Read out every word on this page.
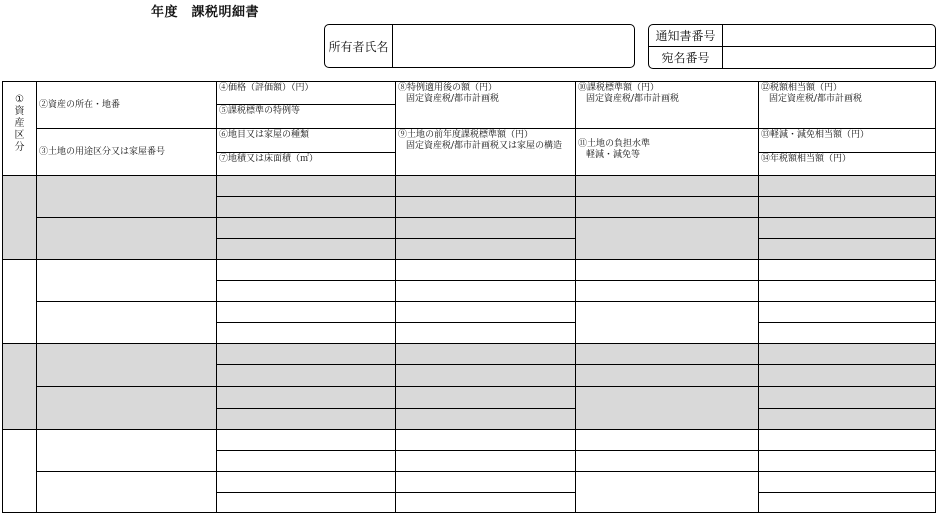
年度　課税明細書
所有者氏名
通知書番号
宛名番号
①
資
産
区
分
②資産の所在・地番
③土地の用途区分又は家屋番号
④価格（評価額）（円）
⑤課税標準の特例等
⑥地目又は家屋の種類
⑦地積又は床面積（㎡）
⑧特例適用後の額（円）
固定資産税/都市計画税
⑨土地の前年度課税標準額（円）
固定資産税/都市計画税又は家屋の構造
⑩課税標準額（円）
固定資産税/都市計画税
⑪土地の負担水準
軽減・減免等
⑫税額相当額（円）
固定資産税/都市計画税
⑬軽減・減免相当額（円）
⑭年税額相当額（円）
